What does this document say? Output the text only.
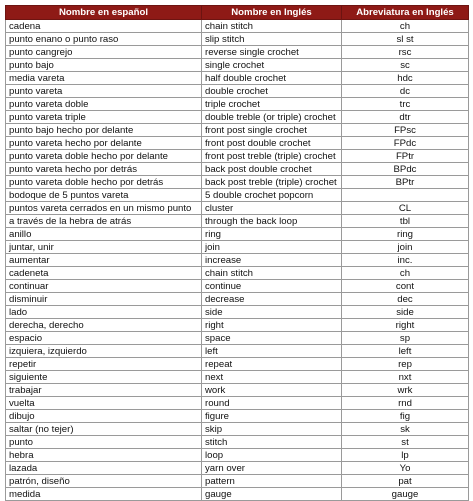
Nombre en español	Nombre en Inglés	Abreviatura en Inglés
cadena	chain stitch	ch
punto enano o punto raso	slip stitch	sl st
punto cangrejo	reverse single crochet	rsc
punto bajo	single crochet	sc
media vareta	half double crochet	hdc
punto vareta	double crochet	dc
punto vareta doble	triple crochet	trc
punto vareta triple	double treble (or triple) crochet	dtr
punto bajo hecho por delante	front post single crochet	FPsc
punto vareta hecho por delante	front post double crochet	FPdc
punto vareta doble hecho por delante	front post treble (triple) crochet	FPtr
punto vareta hecho por detrás	back post double crochet	BPdc
punto vareta doble hecho por detrás	back post treble (triple) crochet	BPtr
bodoque de 5 puntos vareta	5 double crochet popcorn	
puntos vareta cerrados en un mismo punto	cluster	CL
a través de la hebra de atrás	through the back loop	tbl
anillo	ring	ring
juntar, unir	join	join
aumentar	increase	inc.
cadeneta	chain stitch	ch
continuar	continue	cont
disminuir	decrease	dec
lado	side	side
derecha, derecho	right	right
espacio	space	sp
izquiera, izquierdo	left	left
repetir	repeat	rep
siguiente	next	nxt
trabajar	work	wrk
vuelta	round	rnd
dibujo	figure	fig
saltar (no tejer)	skip	sk
punto	stitch	st
hebra	loop	lp
lazada	yarn over	Yo
patrón, diseño	pattern	pat
medida	gauge	gauge
